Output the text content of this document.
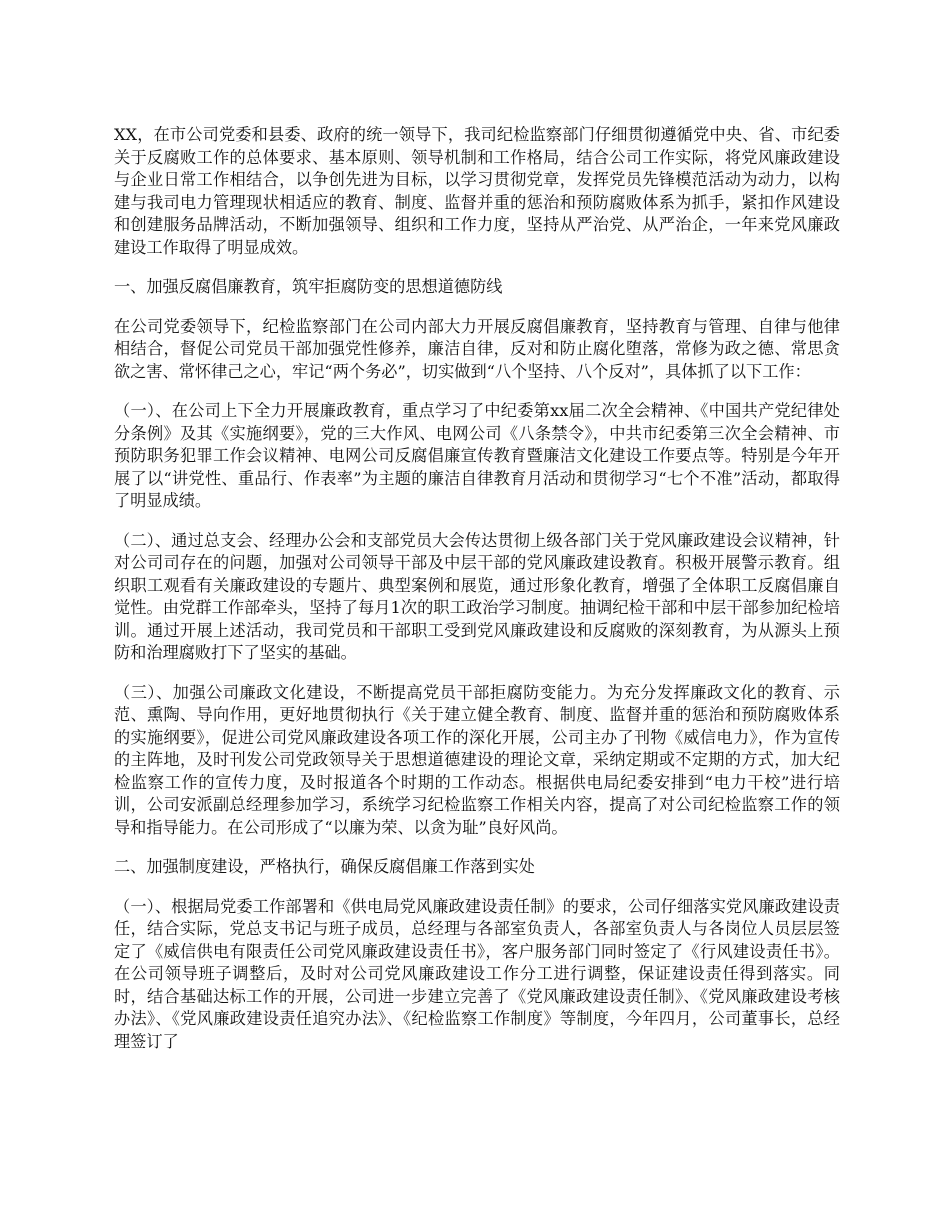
XX，在市公司党委和县委、政府的统一领导下，我司纪检监察部门仔细贯彻遵循党中央、省、市纪委关于反腐败工作的总体要求、基本原则、领导机制和工作格局，结合公司工作实际，将党风廉政建设与企业日常工作相结合，以争创先进为目标，以学习贯彻党章，发挥党员先锋模范活动为动力，以构建与我司电力管理现状相适应的教育、制度、监督并重的惩治和预防腐败体系为抓手，紧扣作风建设和创建服务品牌活动，不断加强领导、组织和工作力度，坚持从严治党、从严治企，一年来党风廉政建设工作取得了明显成效。

一、加强反腐倡廉教育，筑牢拒腐防变的思想道德防线

在公司党委领导下，纪检监察部门在公司内部大力开展反腐倡廉教育，坚持教育与管理、自律与他律相结合，督促公司党员干部加强党性修养，廉洁自律，反对和防止腐化堕落，常修为政之德、常思贪欲之害、常怀律己之心，牢记“两个务必”，切实做到“八个坚持、八个反对”，具体抓了以下工作：

（一）、在公司上下全力开展廉政教育，重点学习了中纪委第xx届二次全会精神、《中国共产党纪律处分条例》及其《实施纲要》，党的三大作风、电网公司《八条禁令》，中共市纪委第三次全会精神、市预防职务犯罪工作会议精神、电网公司反腐倡廉宣传教育暨廉洁文化建设工作要点等。特别是今年开展了以“讲党性、重品行、作表率”为主题的廉洁自律教育月活动和贯彻学习“七个不准”活动，都取得了明显成绩。

（二）、通过总支会、经理办公会和支部党员大会传达贯彻上级各部门关于党风廉政建设会议精神，针对公司司存在的问题，加强对公司领导干部及中层干部的党风廉政建设教育。积极开展警示教育。组织职工观看有关廉政建设的专题片、典型案例和展览，通过形象化教育，增强了全体职工反腐倡廉自觉性。由党群工作部牵头，坚持了每月1次的职工政治学习制度。抽调纪检干部和中层干部参加纪检培训。通过开展上述活动，我司党员和干部职工受到党风廉政建设和反腐败的深刻教育，为从源头上预防和治理腐败打下了坚实的基础。

（三）、加强公司廉政文化建设，不断提高党员干部拒腐防变能力。为充分发挥廉政文化的教育、示范、熏陶、导向作用，更好地贯彻执行《关于建立健全教育、制度、监督并重的惩治和预防腐败体系的实施纲要》，促进公司党风廉政建设各项工作的深化开展，公司主办了刊物《威信电力》，作为宣传的主阵地，及时刊发公司党政领导关于思想道德建设的理论文章，采纳定期或不定期的方式，加大纪检监察工作的宣传力度，及时报道各个时期的工作动态。根据供电局纪委安排到“电力干校”进行培训，公司安派副总经理参加学习，系统学习纪检监察工作相关内容，提高了对公司纪检监察工作的领导和指导能力。在公司形成了“以廉为荣、以贪为耻”良好风尚。

二、加强制度建设，严格执行，确保反腐倡廉工作落到实处

（一）、根据局党委工作部署和《供电局党风廉政建设责任制》的要求，公司仔细落实党风廉政建设责任，结合实际，党总支书记与班子成员，总经理与各部室负责人，各部室负责人与各岗位人员层层签定了《威信供电有限责任公司党风廉政建设责任书》，客户服务部门同时签定了《行风建设责任书》。在公司领导班子调整后，及时对公司党风廉政建设工作分工进行调整，保证建设责任得到落实。同时，结合基础达标工作的开展，公司进一步建立完善了《党风廉政建设责任制》、《党风廉政建设考核办法》、《党风廉政建设责任追究办法》、《纪检监察工作制度》等制度，今年四月，公司董事长，总经理签订了
